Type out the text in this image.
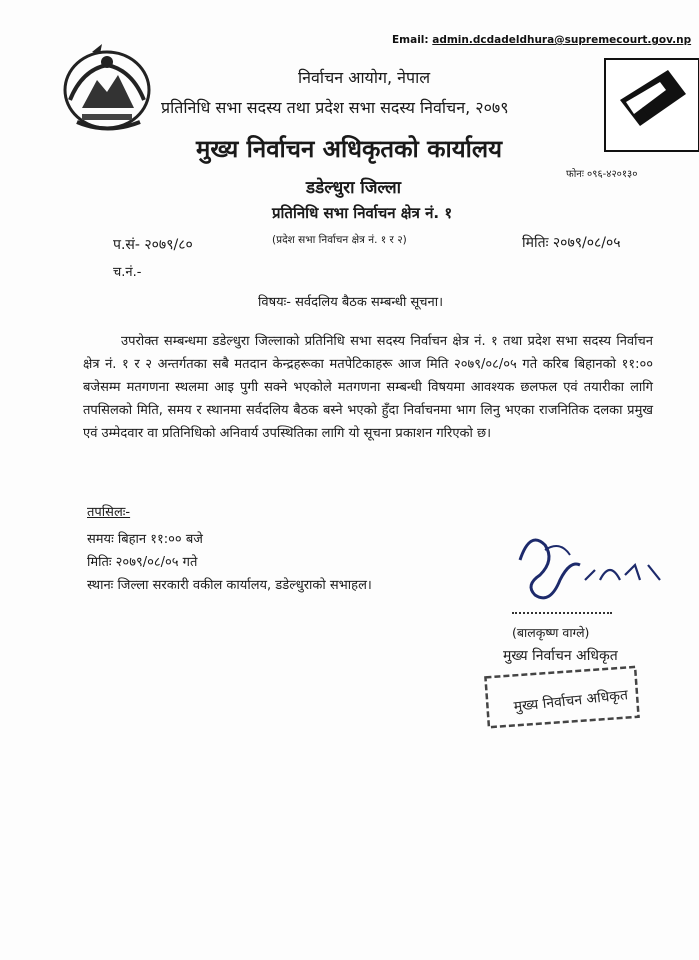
Email: admin.dcdadeldhura@supremecourt.gov.np
निर्वाचन आयोग, नेपाल
प्रतिनिधि सभा सदस्य तथा प्रदेश सभा सदस्य निर्वाचन, २०७९
मुख्य निर्वाचन अधिकृतको कार्यालय
फोनः ०९६-४२०१३०
डडेल्धुरा जिल्ला
प्रतिनिधि सभा निर्वाचन क्षेत्र नं. १
(प्रदेश सभा निर्वाचन क्षेत्र नं. १ र २)
प.सं- २०७९/८०	मितिः २०७९/०८/०५
च.नं.-
विषयः- सर्वदलिय बैठक सम्बन्धी सूचना।

उपरोक्त सम्बन्धमा डडेल्धुरा जिल्लाको प्रतिनिधि सभा सदस्य निर्वाचन क्षेत्र नं. १ तथा प्रदेश सभा सदस्य निर्वाचन क्षेत्र नं. १ र २ अन्तर्गतका सबै मतदान केन्द्रहरूका मतपेटिकाहरू आज मिति २०७९/०८/०५ गते करिब बिहानको ११:०० बजेसम्म मतगणना स्थलमा आइ पुगी सक्ने भएकोले मतगणना सम्बन्धी विषयमा आवश्यक छलफल एवं तयारीका लागि तपसिलको मिति, समय र स्थानमा सर्वदलिय बैठक बस्ने भएको हुँदा निर्वाचनमा भाग लिनु भएका राजनितिक दलका प्रमुख एवं उम्मेदवार वा प्रतिनिधिको अनिवार्य उपस्थितिका लागि यो सूचना प्रकाशन गरिएको छ।

तपसिलः-
समयः बिहान ११:०० बजे
मितिः २०७९/०८/०५ गते
स्थानः जिल्ला सरकारी वकील कार्यालय, डडेल्धुराको सभाहल।
(बालकृष्ण वाग्ले)
मुख्य निर्वाचन अधिकृत
मुख्य निर्वाचन अधिकृत
